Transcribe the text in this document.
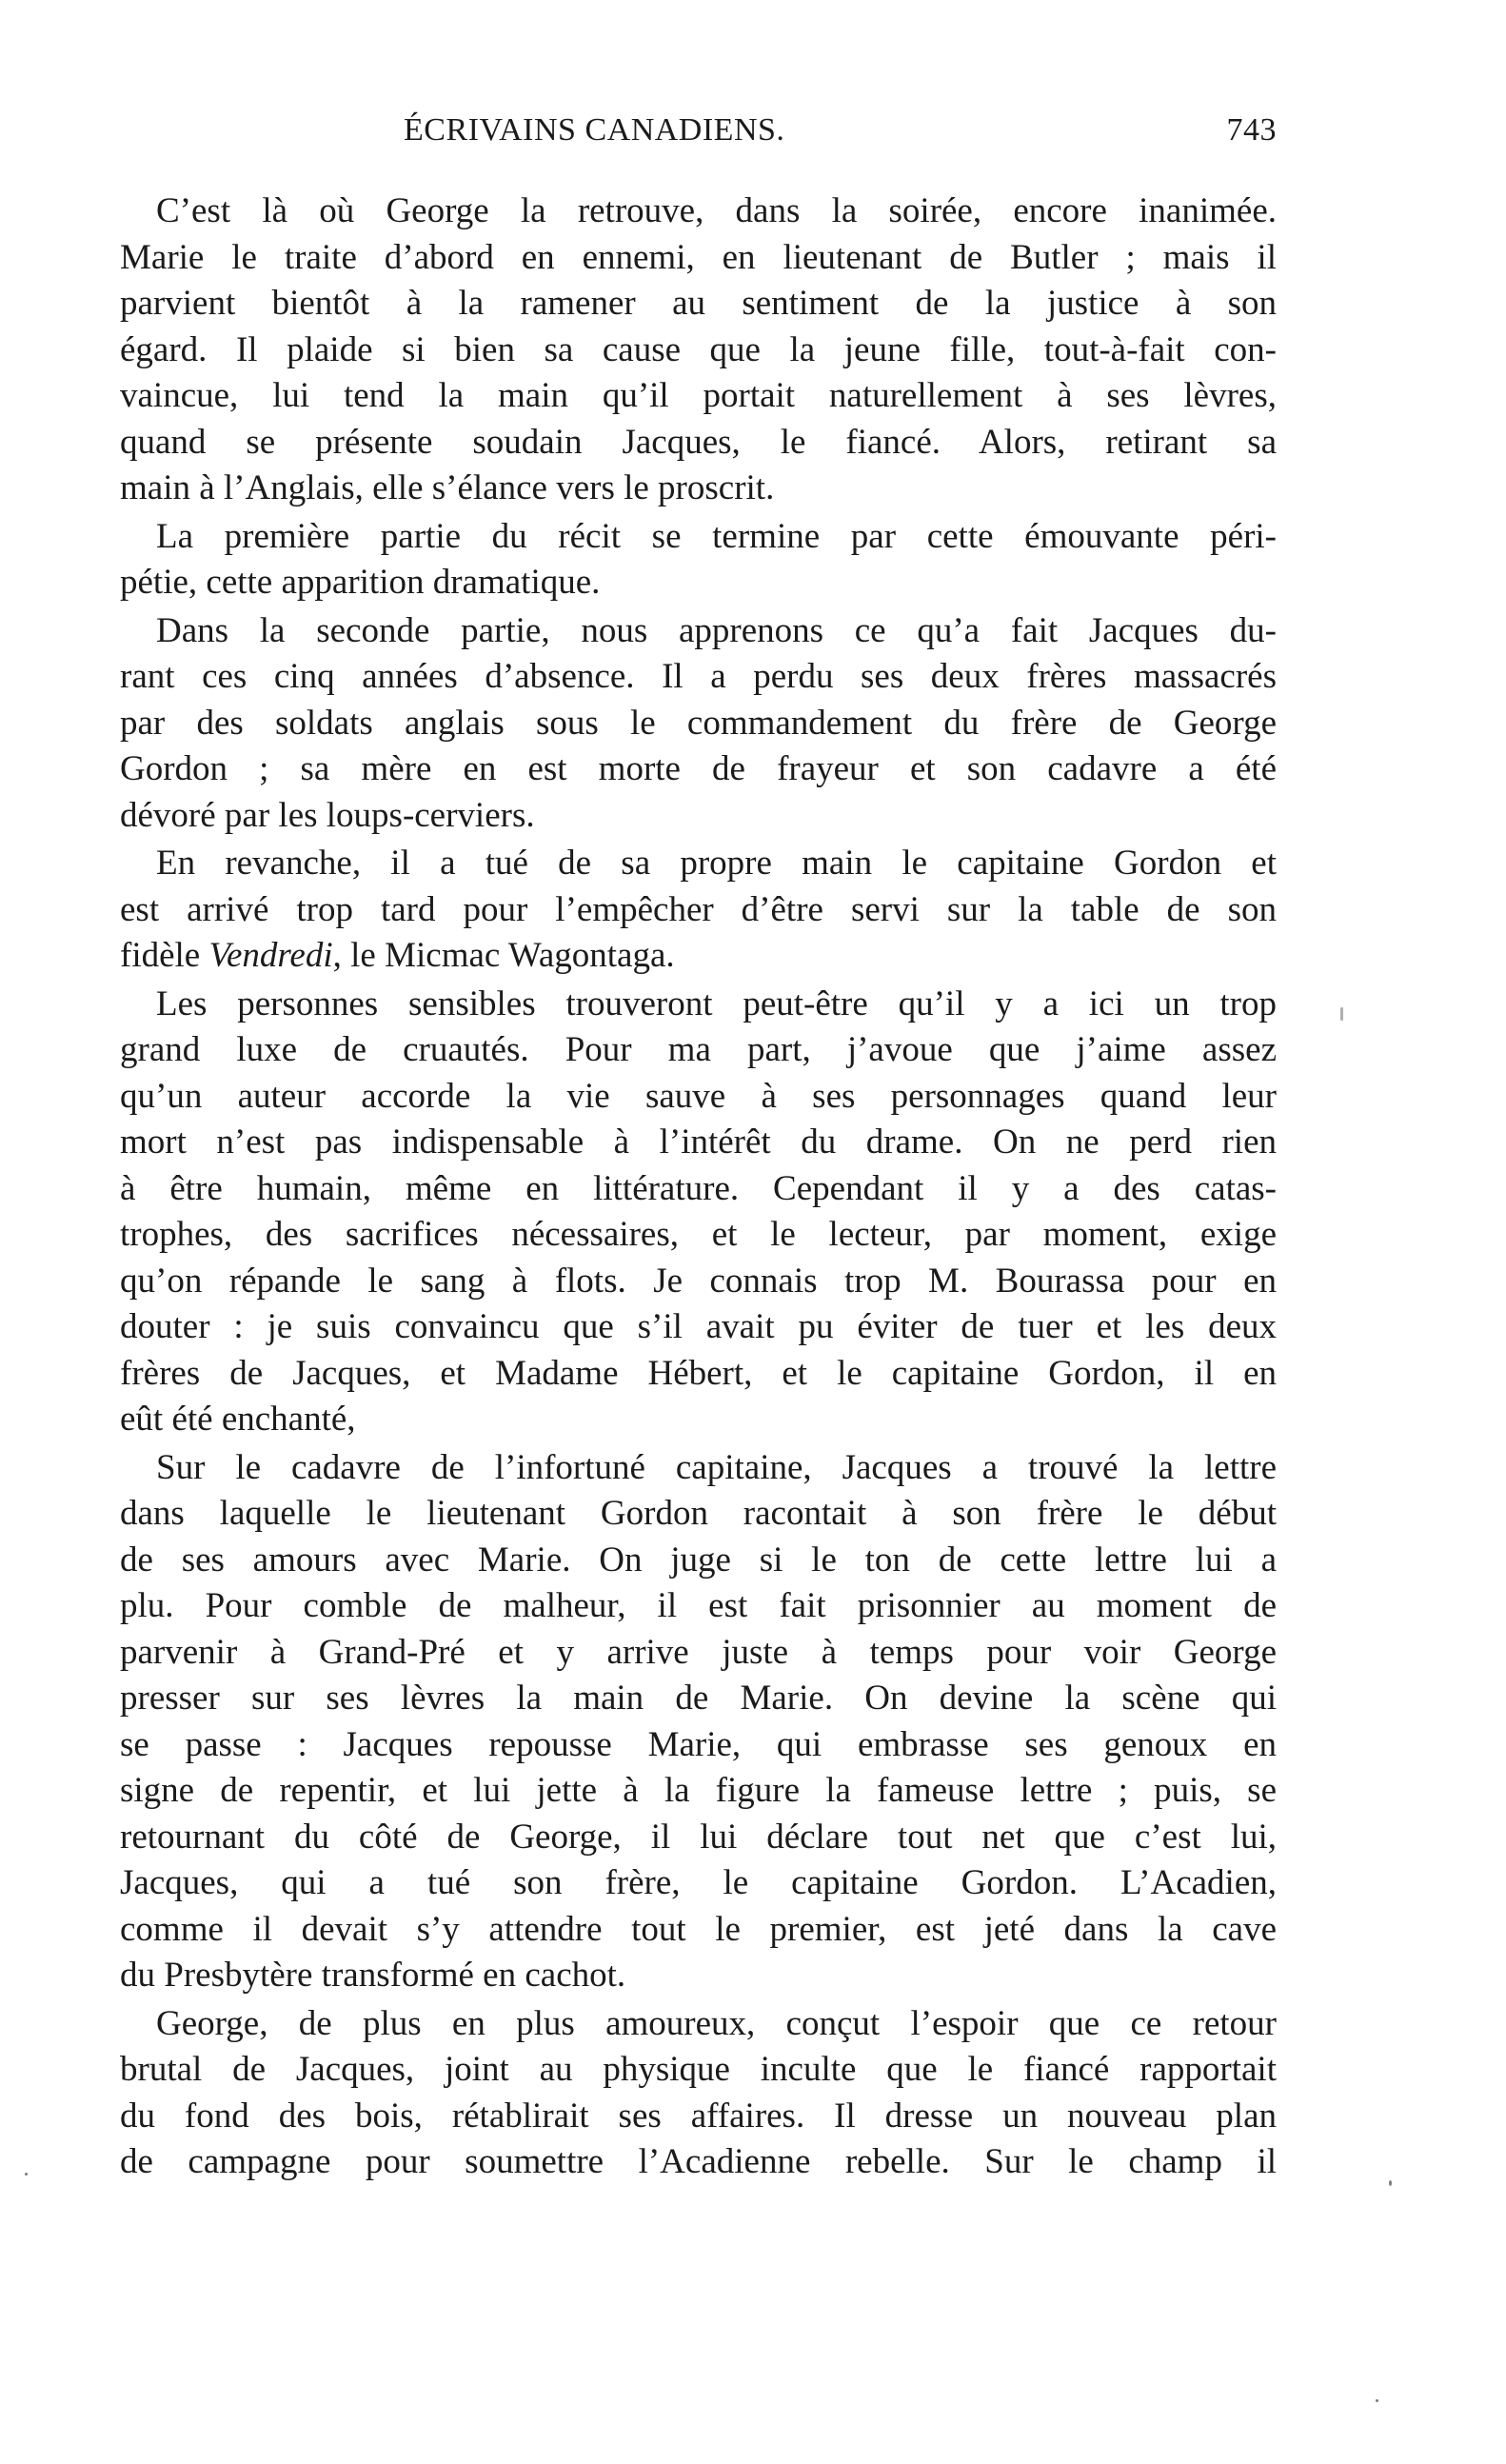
ÉCRIVAINS CANADIENS.	743
C’est là où George la retrouve, dans la soirée, encore inanimée.
Marie le traite d’abord en ennemi, en lieutenant de Butler ; mais il
parvient bientôt à la ramener au sentiment de la justice à son
égard. Il plaide si bien sa cause que la jeune fille, tout-à-fait con-
vaincue, lui tend la main qu’il portait naturellement à ses lèvres,
quand se présente soudain Jacques, le fiancé. Alors, retirant sa
main à l’Anglais, elle s’élance vers le proscrit.
La première partie du récit se termine par cette émouvante péri-
pétie, cette apparition dramatique.
Dans la seconde partie, nous apprenons ce qu’a fait Jacques du-
rant ces cinq années d’absence. Il a perdu ses deux frères massacrés
par des soldats anglais sous le commandement du frère de George
Gordon ; sa mère en est morte de frayeur et son cadavre a été
dévoré par les loups-cerviers.
En revanche, il a tué de sa propre main le capitaine Gordon et
est arrivé trop tard pour l’empêcher d’être servi sur la table de son
fidèle Vendredi, le Micmac Wagontaga.
Les personnes sensibles trouveront peut-être qu’il y a ici un trop
grand luxe de cruautés. Pour ma part, j’avoue que j’aime assez
qu’un auteur accorde la vie sauve à ses personnages quand leur
mort n’est pas indispensable à l’intérêt du drame. On ne perd rien
à être humain, même en littérature. Cependant il y a des catas-
trophes, des sacrifices nécessaires, et le lecteur, par moment, exige
qu’on répande le sang à flots. Je connais trop M. Bourassa pour en
douter : je suis convaincu que s’il avait pu éviter de tuer et les deux
frères de Jacques, et Madame Hébert, et le capitaine Gordon, il en
eût été enchanté,
Sur le cadavre de l’infortuné capitaine, Jacques a trouvé la lettre
dans laquelle le lieutenant Gordon racontait à son frère le début
de ses amours avec Marie. On juge si le ton de cette lettre lui a
plu. Pour comble de malheur, il est fait prisonnier au moment de
parvenir à Grand-Pré et y arrive juste à temps pour voir George
presser sur ses lèvres la main de Marie. On devine la scène qui
se passe : Jacques repousse Marie, qui embrasse ses genoux en
signe de repentir, et lui jette à la figure la fameuse lettre ; puis, se
retournant du côté de George, il lui déclare tout net que c’est lui,
Jacques, qui a tué son frère, le capitaine Gordon. L’Acadien,
comme il devait s’y attendre tout le premier, est jeté dans la cave
du Presbytère transformé en cachot.
George, de plus en plus amoureux, conçut l’espoir que ce retour
brutal de Jacques, joint au physique inculte que le fiancé rapportait
du fond des bois, rétablirait ses affaires. Il dresse un nouveau plan
de campagne pour soumettre l’Acadienne rebelle. Sur le champ il
